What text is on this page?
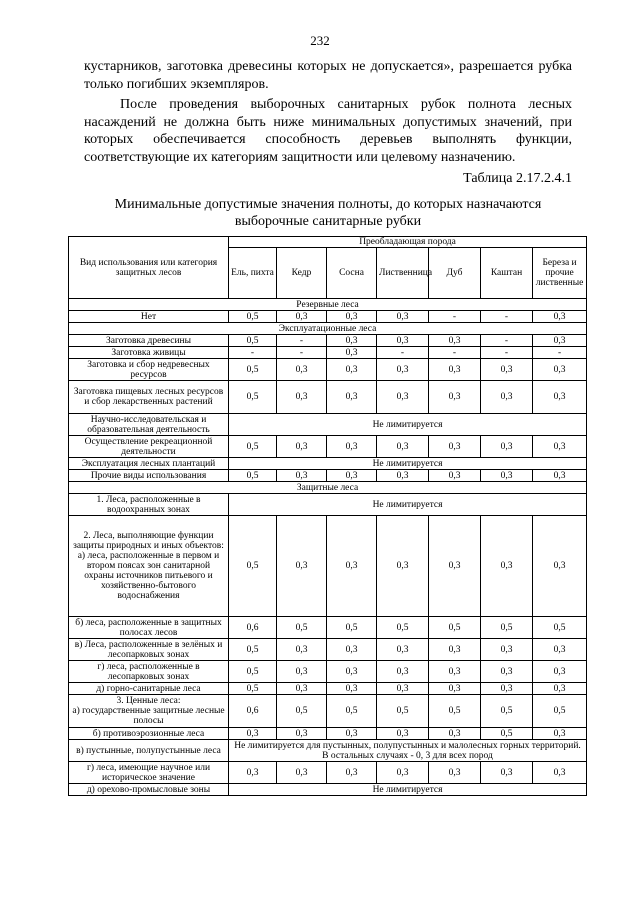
232
кустарников, заготовка древесины которых не допускается», разрешается рубка только погибших экземпляров.
После проведения выборочных санитарных рубок полнота лесных насаждений не должна быть ниже минимальных допустимых значений, при которых обеспечивается способность деревьев выполнять функции, соответствующие их категориям защитности или целевому назначению.
Таблица 2.17.2.4.1
Минимальные допустимые значения полноты, до которых назначаются выборочные санитарные рубки
Вид использования или категория защитных лесов	Преобладающая порода						
	Ель, пихта	Кедр	Сосна	Лиственница	Дуб	Каштан	Береза и прочие лиственные
Резервные леса							
Нет	0,5	0,3	0,3	0,3	-	-	0,3
Эксплуатационные леса							
Заготовка древесины	0,5	-	0,3	0,3	0,3	-	0,3
Заготовка живицы	-	-	0,3	-	-	-	-
Заготовка и сбор недревесных ресурсов	0,5	0,3	0,3	0,3	0,3	0,3	0,3
Заготовка пищевых лесных ресурсов и сбор лекарственных растений	0,5	0,3	0,3	0,3	0,3	0,3	0,3
Научно-исследовательская и образовательная деятельность	Не лимитируется						
Осуществление рекреационной деятельности	0,5	0,3	0,3	0,3	0,3	0,3	0,3
Эксплуатация лесных плантаций	Не лимитируется						
Прочие виды использования	0,5	0,3	0,3	0,3	0,3	0,3	0,3
Защитные леса							
1. Леса, расположенные в водоохранных зонах	Не лимитируется						

2. Леса, выполняющие функции защиты природных и иных объектов:
а) леса, расположенные в первом и втором поясах зон санитарной охраны источников питьевого и хозяйственно-бытового водоснабжения	0,5	0,3	0,3	0,3	0,3	0,3	0,3
б) леса, расположенные в защитных полосах лесов	0,6	0,5	0,5	0,5	0,5	0,5	0,5
в) Леса, расположенные в зелёных и лесопарковых зонах	0,5	0,3	0,3	0,3	0,3	0,3	0,3
г) леса, расположенные в лесопарковых зонах	0,5	0,3	0,3	0,3	0,3	0,3	0,3
д) горно-санитарные леса	0,5	0,3	0,3	0,3	0,3	0,3	0,3

3. Ценные леса:
а) государственные защитные лесные полосы	0,6	0,5	0,5	0,5	0,5	0,5	0,5
б) противоэрозионные леса	0,3	0,3	0,3	0,3	0,3	0,5	0,3
в) пустынные, полупустынные леса	Не лимитируется для пустынных, полупустынных и малолесных горных территорий. В остальных случаях - 0, 3 для всех пород						
г) леса, имеющие научное или историческое значение	0,3	0,3	0,3	0,3	0,3	0,3	0,3
д) орехово-промысловые зоны	Не лимитируется						
